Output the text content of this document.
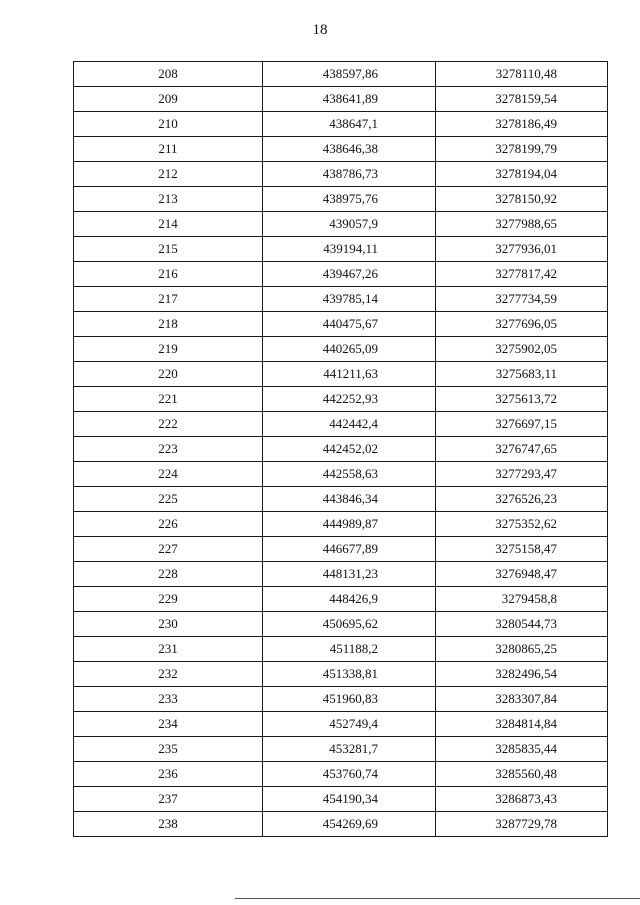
18
208	438597,86	3278110,48
209	438641,89	3278159,54
210	438647,1	3278186,49
211	438646,38	3278199,79
212	438786,73	3278194,04
213	438975,76	3278150,92
214	439057,9	3277988,65
215	439194,11	3277936,01
216	439467,26	3277817,42
217	439785,14	3277734,59
218	440475,67	3277696,05
219	440265,09	3275902,05
220	441211,63	3275683,11
221	442252,93	3275613,72
222	442442,4	3276697,15
223	442452,02	3276747,65
224	442558,63	3277293,47
225	443846,34	3276526,23
226	444989,87	3275352,62
227	446677,89	3275158,47
228	448131,23	3276948,47
229	448426,9	3279458,8
230	450695,62	3280544,73
231	451188,2	3280865,25
232	451338,81	3282496,54
233	451960,83	3283307,84
234	452749,4	3284814,84
235	453281,7	3285835,44
236	453760,74	3285560,48
237	454190,34	3286873,43
238	454269,69	3287729,78
